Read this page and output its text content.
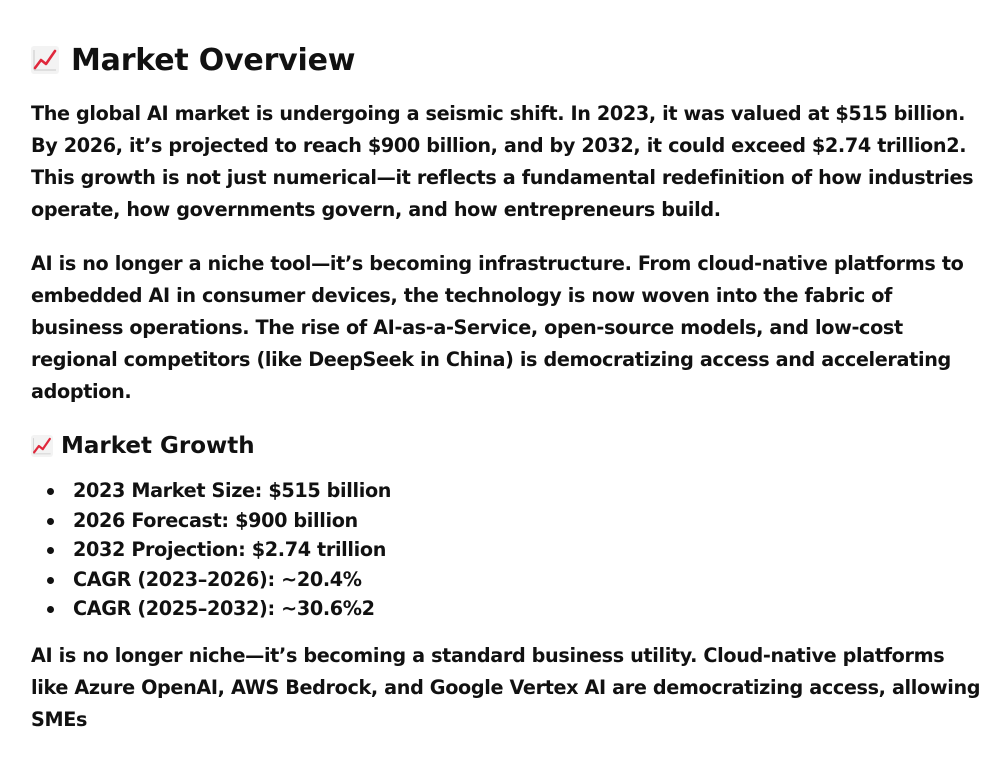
Market Overview

The global AI market is undergoing a seismic shift. In 2023, it was valued at $515 billion. By 2026, it’s projected to reach $900 billion, and by 2032, it could exceed $2.74 trillion2. This growth is not just numerical—it reflects a fundamental redefinition of how industries operate, how governments govern, and how entrepreneurs build.

AI is no longer a niche tool—it’s becoming infrastructure. From cloud-native platforms to embedded AI in consumer devices, the technology is now woven into the fabric of business operations. The rise of AI-as-a-Service, open-source models, and low-cost regional competitors (like DeepSeek in China) is democratizing access and accelerating adoption.

Market Growth
2023 Market Size: $515 billion
2026 Forecast: $900 billion
2032 Projection: $2.74 trillion
CAGR (2023–2026): ~20.4%
CAGR (2025–2032): ~30.6%2

AI is no longer niche—it’s becoming a standard business utility. Cloud-native platforms like Azure OpenAI, AWS Bedrock, and Google Vertex AI are democratizing access, allowing SMEs
